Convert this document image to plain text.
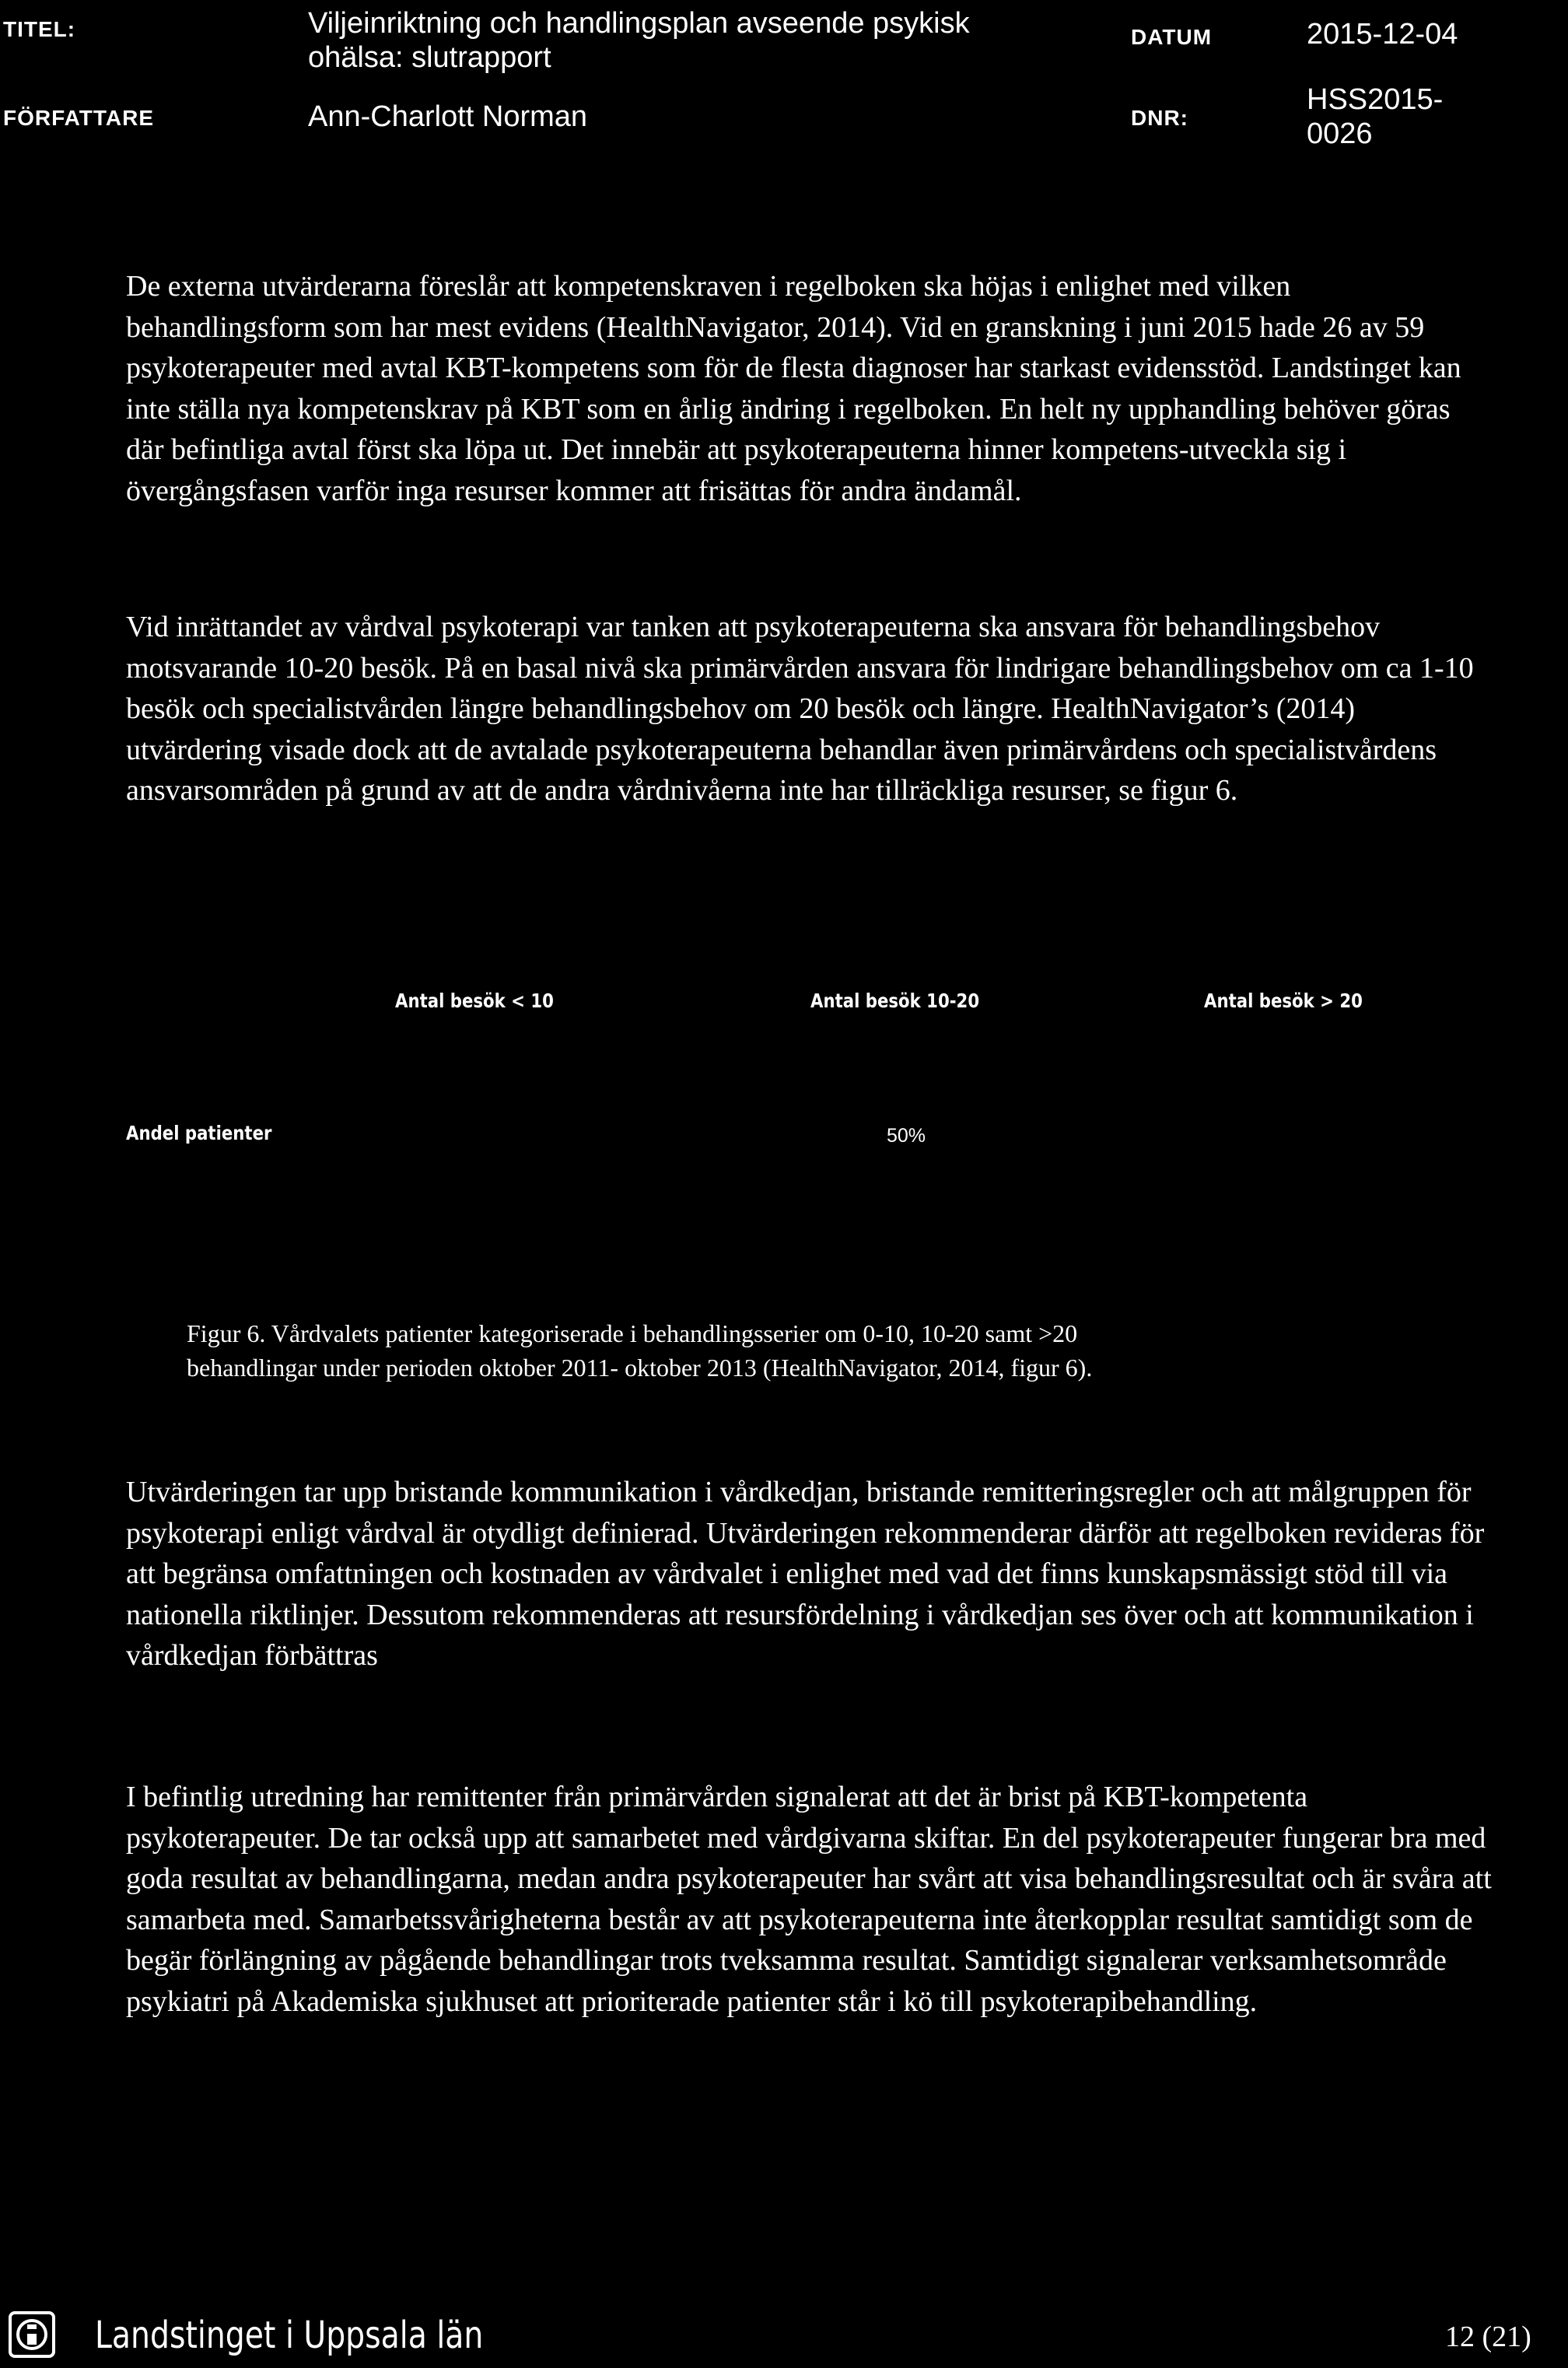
TITEL:	Viljeinriktning och handlingsplan avseende psykisk
ohälsa: slutrapport
DATUM	2015-12-04
FÖRFATTARE	Ann-Charlott Norman	DNR:
HSS2015-
0026
De externa utvärderarna föreslår att kompetenskraven i regelboken ska höjas i enlighet med vilken behandlingsform som har mest evidens (HealthNavigator, 2014). Vid en granskning i juni 2015 hade 26 av 59 psykoterapeuter med avtal KBT-kompetens som för de flesta diagnoser har starkast evidensstöd. Landstinget kan inte ställa nya kompetenskrav på KBT som en årlig ändring i regelboken. En helt ny upphandling behöver göras där befintliga avtal först ska löpa ut. Det innebär att psykoterapeuterna hinner kompetens-utveckla sig i övergångsfasen varför inga resurser kommer att frisättas för andra ändamål.
Vid inrättandet av vårdval psykoterapi var tanken att psykoterapeuterna ska ansvara för behandlingsbehov motsvarande 10-20 besök. På en basal nivå ska primärvården ansvara för lindrigare behandlingsbehov om ca 1-10 besök och specialistvården längre behandlingsbehov om 20 besök och längre. HealthNavigator’s (2014) utvärdering visade dock att de avtalade psykoterapeuterna behandlar även primärvårdens och specialistvårdens ansvarsområden på grund av att de andra vårdnivåerna inte har tillräckliga resurser, se figur 6.
Antal besök < 10	Antal besök 10-20	Antal besök > 20
Andel patienter	50%
Figur 6. Vårdvalets patienter kategoriserade i behandlingsserier om 0-10, 10-20 samt >20
behandlingar under perioden oktober 2011- oktober 2013 (HealthNavigator, 2014, figur 6).
Utvärderingen tar upp bristande kommunikation i vårdkedjan, bristande remitteringsregler och att målgruppen för psykoterapi enligt vårdval är otydligt definierad. Utvärderingen rekommenderar därför att regelboken revideras för att begränsa omfattningen och kostnaden av vårdvalet i enlighet med vad det finns kunskapsmässigt stöd till via nationella riktlinjer. Dessutom rekommenderas att resursfördelning i vårdkedjan ses över och att kommunikation i vårdkedjan förbättras
I befintlig utredning har remittenter från primärvården signalerat att det är brist på KBT-kompetenta psykoterapeuter. De tar också upp att samarbetet med vårdgivarna skiftar. En del psykoterapeuter fungerar bra med goda resultat av behandlingarna, medan andra psykoterapeuter har svårt att visa behandlingsresultat och är svåra att samarbeta med. Samarbetssvårigheterna består av att psykoterapeuterna inte återkopplar resultat samtidigt som de begär förlängning av pågående behandlingar trots tveksamma resultat. Samtidigt signalerar verksamhetsområde psykiatri på Akademiska sjukhuset att prioriterade patienter står i kö till psykoterapibehandling.
Landstinget i Uppsala län	12 (21)
